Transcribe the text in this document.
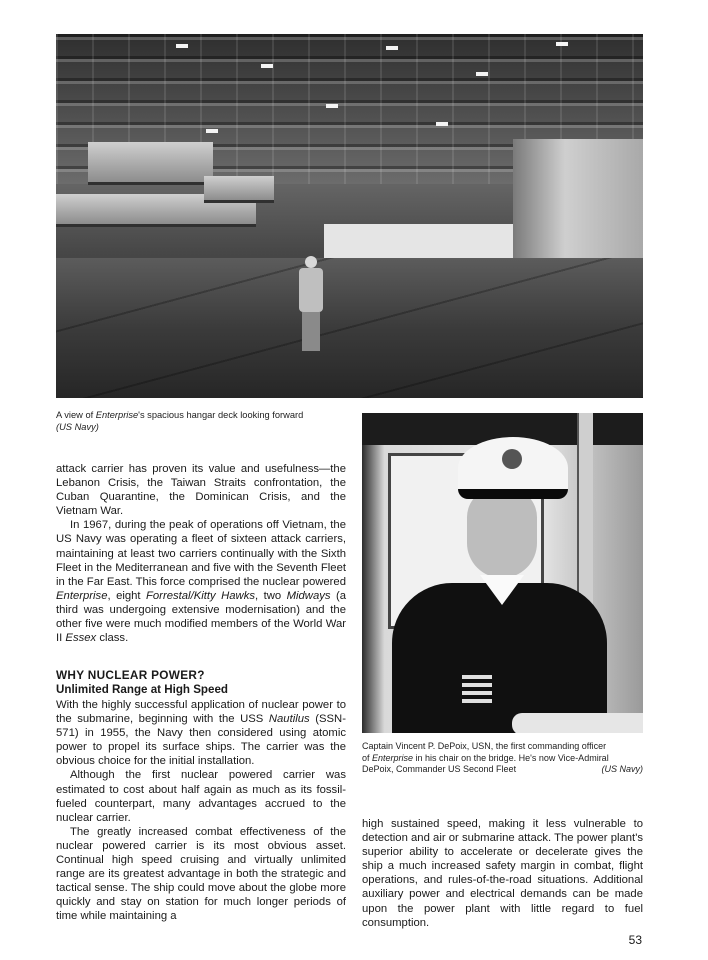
A view of Enterprise's spacious hangar deck looking forward
(US Navy)
Captain Vincent P. DePoix, USN, the first commanding officer
of Enterprise in his chair on the bridge. He's now Vice-Admiral
DePoix, Commander US Second Fleet	(US Navy)

attack carrier has proven its value and usefulness—the Lebanon Crisis, the Taiwan Straits confrontation, the Cuban Quarantine, the Dominican Crisis, and the Vietnam War.

In 1967, during the peak of operations off Vietnam, the US Navy was operating a fleet of sixteen attack carriers, maintaining at least two carriers continually with the Sixth Fleet in the Mediterranean and five with the Seventh Fleet in the Far East. This force comprised the nuclear powered Enterprise, eight Forrestal/Kitty Hawks, two Midways (a third was undergoing extensive modernisation) and the other five were much modified members of the World War II Essex class.

WHY NUCLEAR POWER?
Unlimited Range at High Speed

With the highly successful application of nuclear power to the submarine, beginning with the USS Nautilus (SSN-571) in 1955, the Navy then considered using atomic power to propel its surface ships. The carrier was the obvious choice for the initial installation.

Although the first nuclear powered carrier was estimated to cost about half again as much as its fossil-fueled counterpart, many advantages accrued to the nuclear carrier.

The greatly increased combat effectiveness of the nuclear powered carrier is its most obvious asset. Continual high speed cruising and virtually unlimited range are its greatest advantage in both the strategic and tactical sense. The ship could move about the globe more quickly and stay on station for much longer periods of time while maintaining a

high sustained speed, making it less vulnerable to detection and air or submarine attack. The power plant's superior ability to accelerate or decelerate gives the ship a much increased safety margin in combat, flight operations, and rules-of-the-road situations. Additional auxiliary power and electrical demands can be made upon the power plant with little regard to fuel consumption.

53
